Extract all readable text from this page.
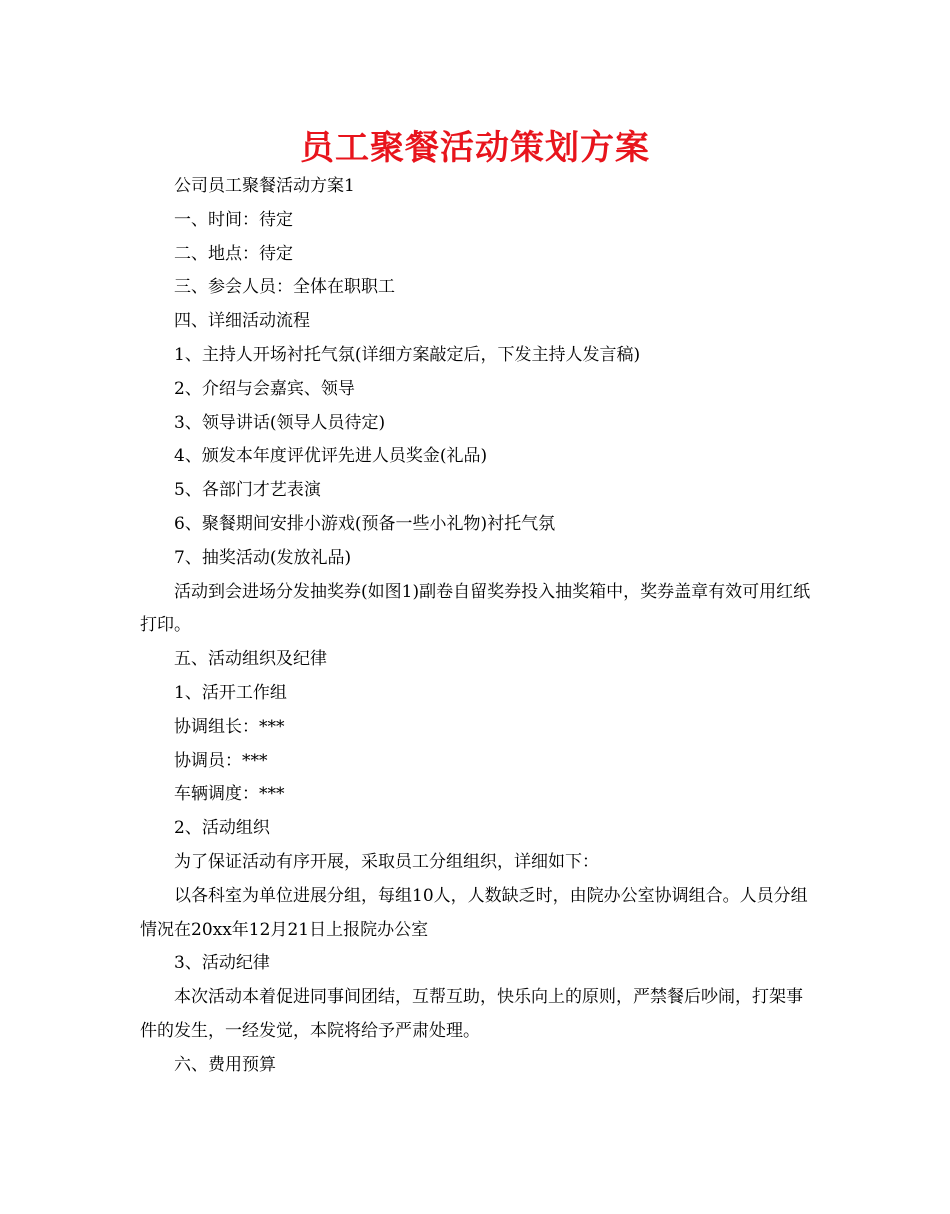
员工聚餐活动策划方案

公司员工聚餐活动方案1

一、时间：待定

二、地点：待定

三、参会人员：全体在职职工

四、详细活动流程

1、主持人开场衬托气氛(详细方案敲定后，下发主持人发言稿)

2、介绍与会嘉宾、领导

3、领导讲话(领导人员待定)

4、颁发本年度评优评先进人员奖金(礼品)

5、各部门才艺表演

6、聚餐期间安排小游戏(预备一些小礼物)衬托气氛

7、抽奖活动(发放礼品)

活动到会进场分发抽奖券(如图1)副卷自留奖券投入抽奖箱中，奖券盖章有效可用红纸打印。

五、活动组织及纪律

1、活开工作组

协调组长：***

协调员：***

车辆调度：***

2、活动组织

为了保证活动有序开展，采取员工分组组织，详细如下：

以各科室为单位进展分组，每组10人，人数缺乏时，由院办公室协调组合。人员分组情况在20xx年12月21日上报院办公室

3、活动纪律

本次活动本着促进同事间团结，互帮互助，快乐向上的原则，严禁餐后吵闹，打架事件的发生，一经发觉，本院将给予严肃处理。

六、费用预算
